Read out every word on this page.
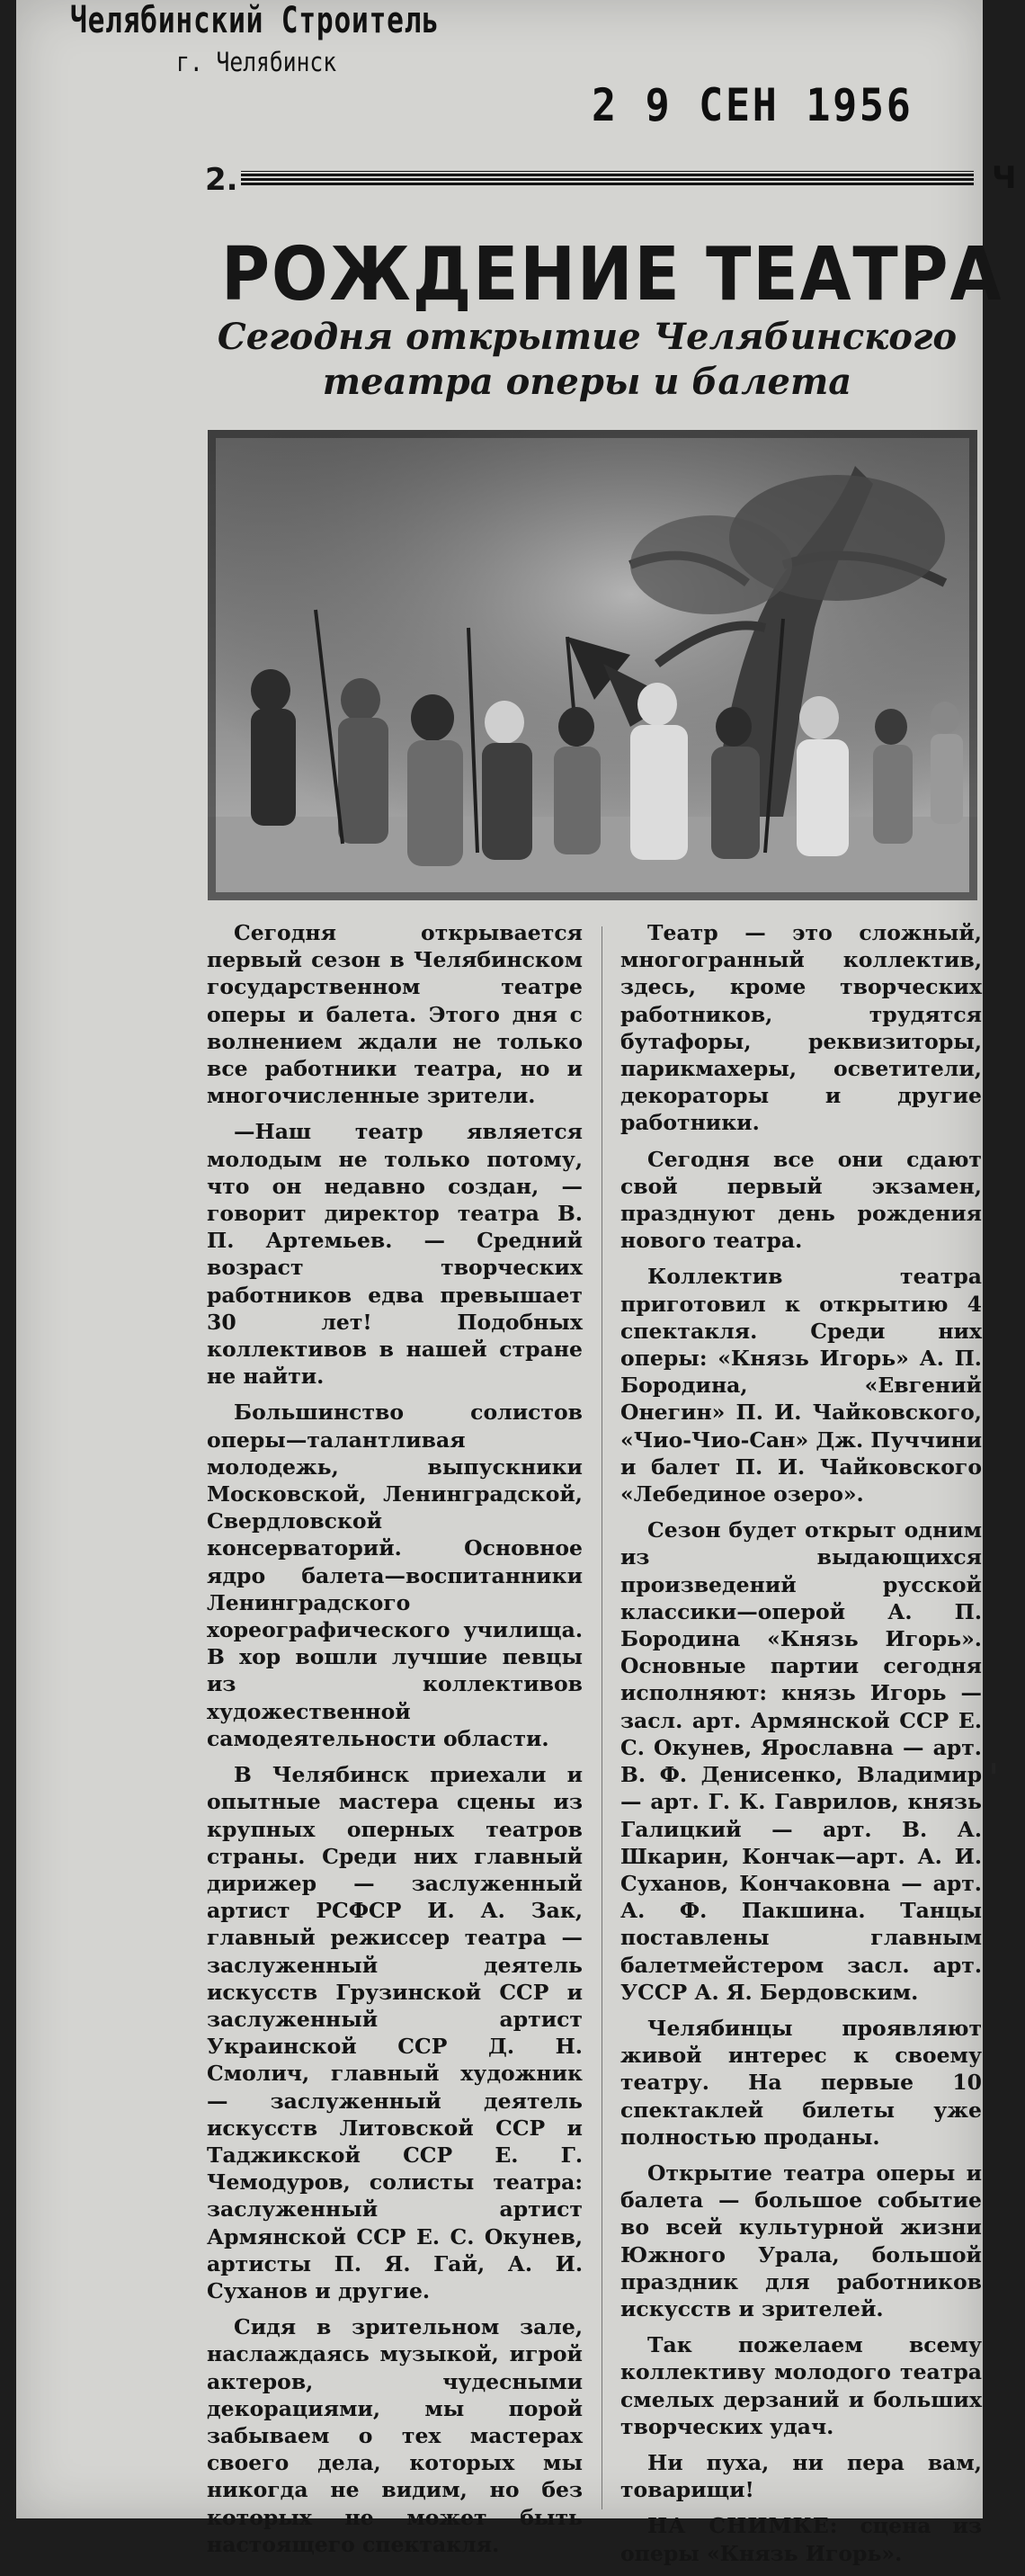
Челябинский Строитель
г. Челябинск
2 9 СЕН 1956
2.	Ч
РОЖДЕНИЕ ТЕАТРА
Сегодня открытие Челябинского
театра оперы и балета

Сегодня открывается первый сезон в Челябинском государственном театре оперы и балета. Этого дня с волнением ждали не только все работники театра, но и многочисленные зрители.

—Наш театр является молодым не только потому, что он недавно создан, — говорит директор театра В. П. Артемьев. — Средний возраст творческих работников едва превышает 30 лет! Подобных коллективов в нашей стране не найти.

Большинство солистов оперы—талантливая молодежь, выпускники Московской, Ленинградской, Свердловской консерваторий. Основное ядро балета—воспитанники Ленинградского хореографического училища. В хор вошли лучшие певцы из коллективов художественной самодеятельности области.

В Челябинск приехали и опытные мастера сцены из крупных оперных театров страны. Среди них главный дирижер — заслуженный артист РСФСР И. А. Зак, главный режиссер театра — заслуженный деятель искусств Грузинской ССР и заслуженный артист Украинской ССР Д. Н. Смолич, главный художник — заслуженный деятель искусств Литовской ССР и Таджикской ССР Е. Г. Чемодуров, солисты театра: заслуженный артист Армянской ССР Е. С. Окунев, артисты П. Я. Гай, А. И. Суханов и другие.

Сидя в зрительном зале, наслаждаясь музыкой, игрой актеров, чудесными декорациями, мы порой забываем о тех мастерах своего дела, которых мы никогда не видим, но без которых не может быть настоящего спектакля.

Театр — это сложный, многогранный коллектив, здесь, кроме творческих работников, трудятся бутафоры, реквизиторы, парикмахеры, осветители, декораторы и другие работники.

Сегодня все они сдают свой первый экзамен, празднуют день рождения нового театра.

Коллектив театра приготовил к открытию 4 спектакля. Среди них оперы: «Князь Игорь» А. П. Бородина, «Евгений Онегин» П. И. Чайковского, «Чио-Чио-Сан» Дж. Пуччини и балет П. И. Чайковского «Лебединое озеро».

Сезон будет открыт одним из выдающихся произведений русской классики—оперой А. П. Бородина «Князь Игорь». Основные партии сегодня исполняют: князь Игорь — засл. арт. Армянской ССР Е. С. Окунев, Ярославна — арт. В. Ф. Денисенко, Владимир — арт. Г. К. Гаврилов, князь Галицкий — арт. В. А. Шкарин, Кончак—арт. А. И. Суханов, Кончаковна — арт. А. Ф. Пакшина. Танцы поставлены главным балетмейстером засл. арт. УССР А. Я. Бердовским.

Челябинцы проявляют живой интерес к своему театру. На первые 10 спектаклей билеты уже полностью проданы.

Открытие театра оперы и балета — большое событие во всей культурной жизни Южного Урала, большой праздник для работников искусств и зрителей.

Так пожелаем всему коллективу молодого театра смелых дерзаний и больших творческих удач.

Ни пуха, ни пера вам, товарищи!

НА СНИМКЕ: сцена из оперы «Князь Игорь».
